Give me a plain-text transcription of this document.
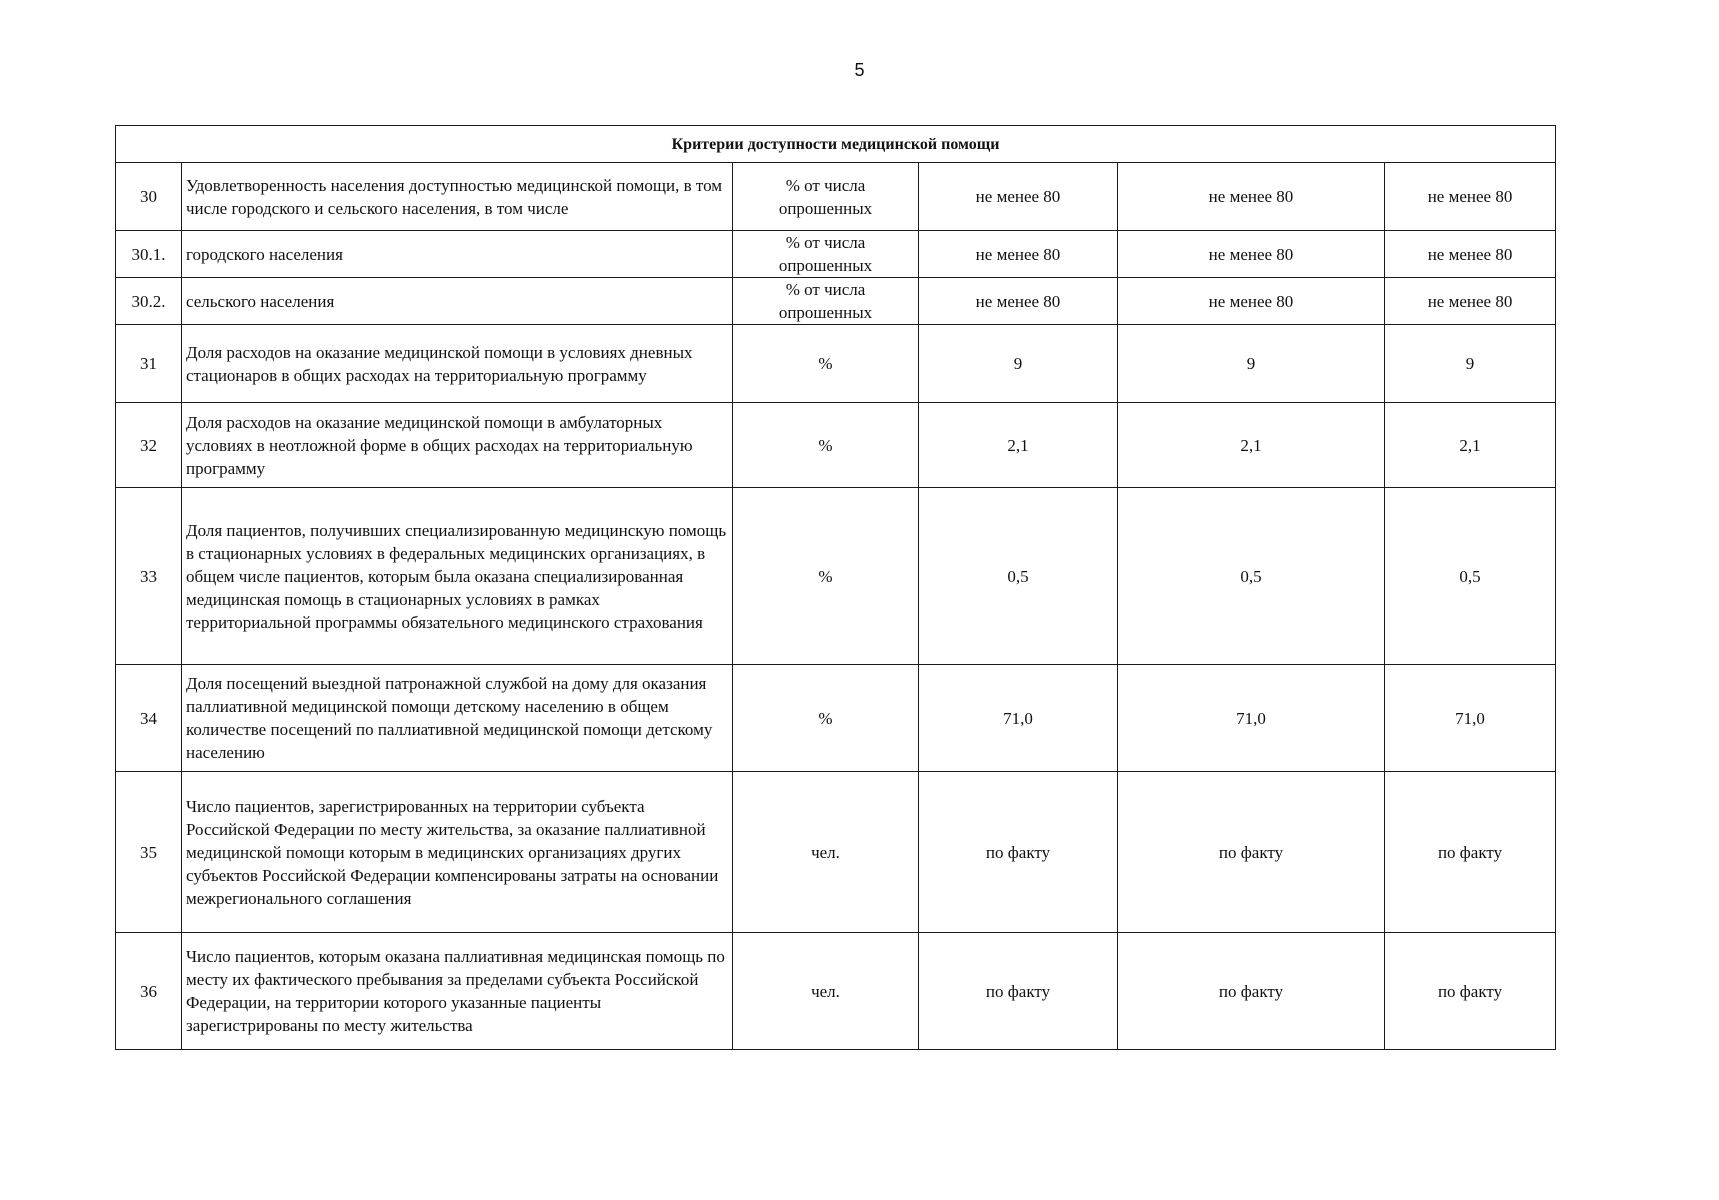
5
Критерии доступности медицинской помощи					
30	Удовлетворенность населения доступностью медицинской помощи, в том числе городского и сельского населения, в том числе	% от числа опрошенных	не менее 80	не менее 80	не менее 80
30.1.	городского населения	% от числа опрошенных	не менее 80	не менее 80	не менее 80
30.2.	сельского населения	% от числа опрошенных	не менее 80	не менее 80	не менее 80
31	Доля расходов на оказание медицинской помощи в условиях дневных стационаров в общих расходах на территориальную программу	%	9	9	9
32	Доля расходов на оказание медицинской помощи в амбулаторных условиях в неотложной форме в общих расходах на территориальную программу	%	2,1	2,1	2,1
33	Доля пациентов, получивших специализированную медицинскую помощь в стационарных условиях в федеральных медицинских организациях, в общем числе пациентов, которым была оказана специализированная медицинская помощь в стационарных условиях в рамках территориальной программы обязательного медицинского страхования	%	0,5	0,5	0,5
34	Доля посещений выездной патронажной службой на дому для оказания паллиативной медицинской помощи детскому населению в общем количестве посещений по паллиативной медицинской помощи детскому населению	%	71,0	71,0	71,0
35	Число пациентов, зарегистрированных на территории субъекта Российской Федерации по месту жительства, за оказание паллиативной медицинской помощи которым в медицинских организациях других субъектов Российской Федерации компенсированы затраты на основании межрегионального соглашения	чел.	по факту	по факту	по факту
36	Число пациентов, которым оказана паллиативная медицинская помощь по месту их фактического пребывания за пределами субъекта Российской Федерации, на территории которого указанные пациенты зарегистрированы по месту жительства	чел.	по факту	по факту	по факту
